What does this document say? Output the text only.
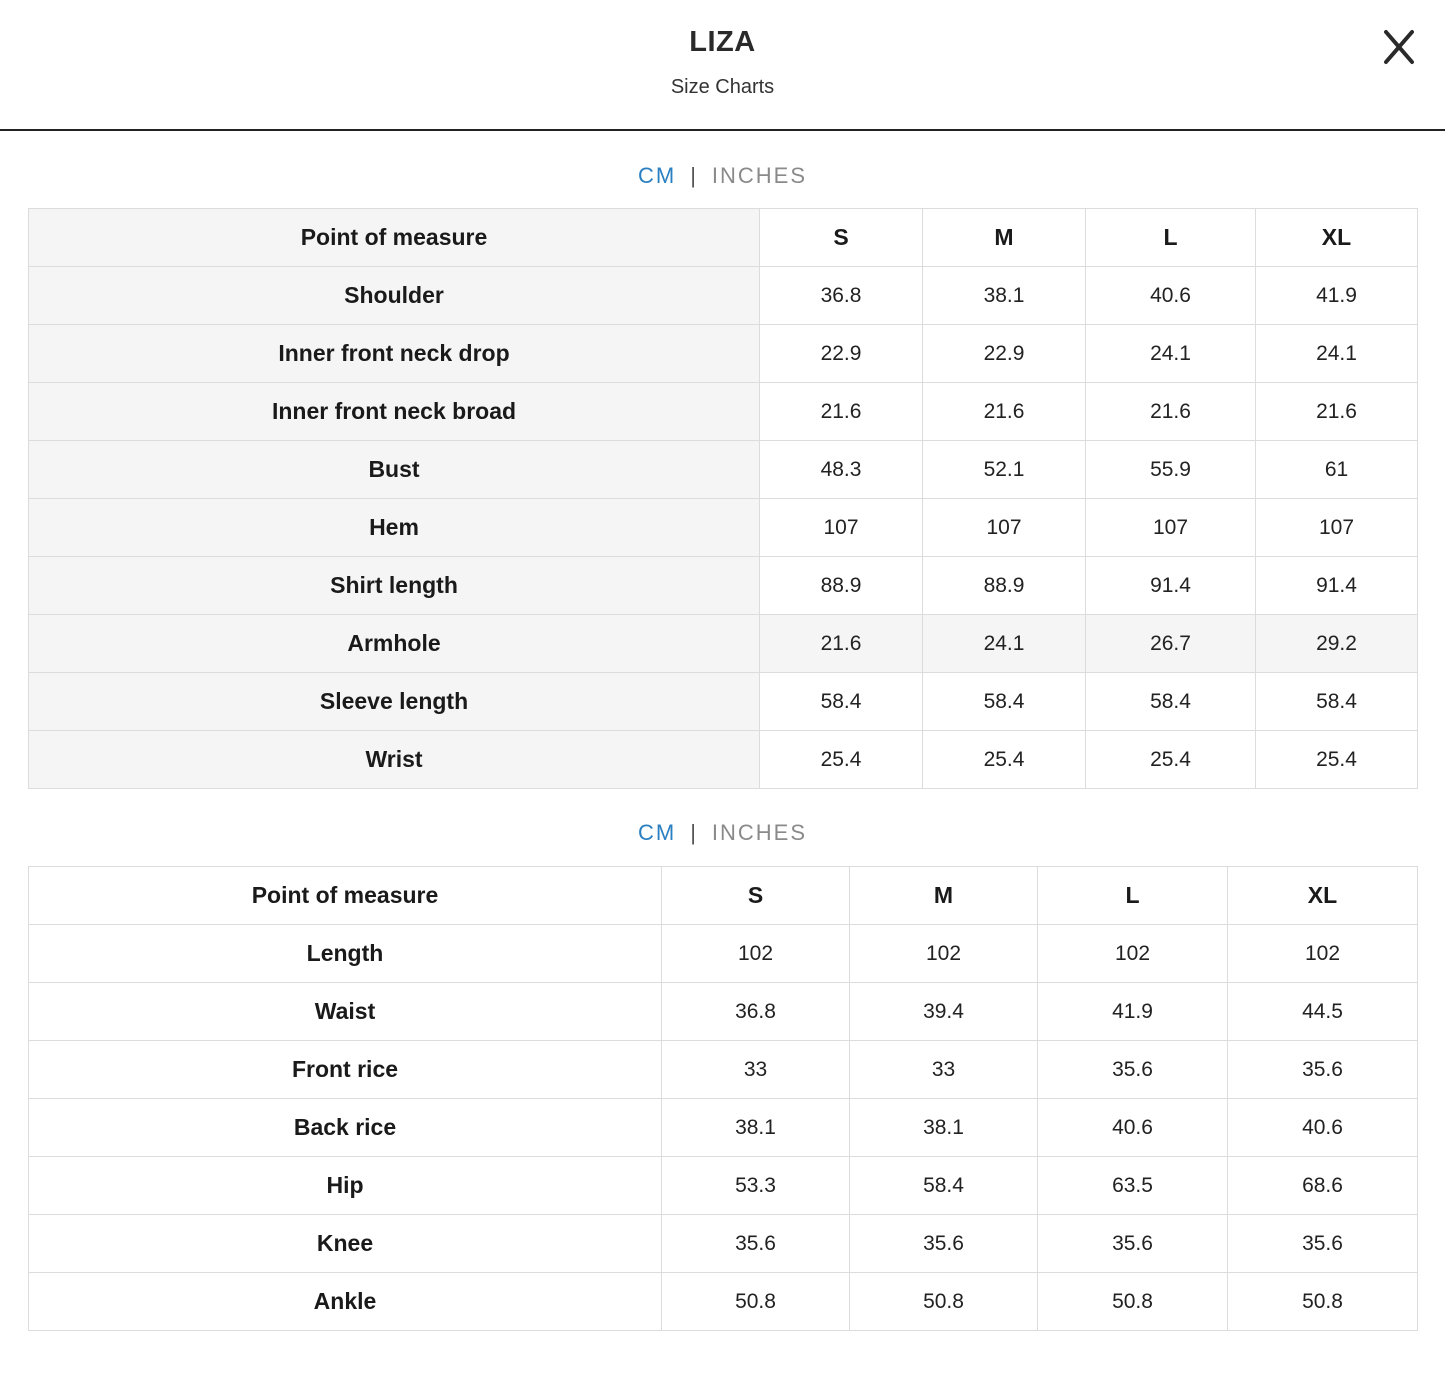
LIZA
Size Charts
CM | INCHES
Point of measure	S	M	L	XL
Shoulder	36.8	38.1	40.6	41.9
Inner front neck drop	22.9	22.9	24.1	24.1
Inner front neck broad	21.6	21.6	21.6	21.6
Bust	48.3	52.1	55.9	61
Hem	107	107	107	107
Shirt length	88.9	88.9	91.4	91.4
Armhole	21.6	24.1	26.7	29.2
Sleeve length	58.4	58.4	58.4	58.4
Wrist	25.4	25.4	25.4	25.4
CM | INCHES
Point of measure	S	M	L	XL
Length	102	102	102	102
Waist	36.8	39.4	41.9	44.5
Front rice	33	33	35.6	35.6
Back rice	38.1	38.1	40.6	40.6
Hip	53.3	58.4	63.5	68.6
Knee	35.6	35.6	35.6	35.6
Ankle	50.8	50.8	50.8	50.8
